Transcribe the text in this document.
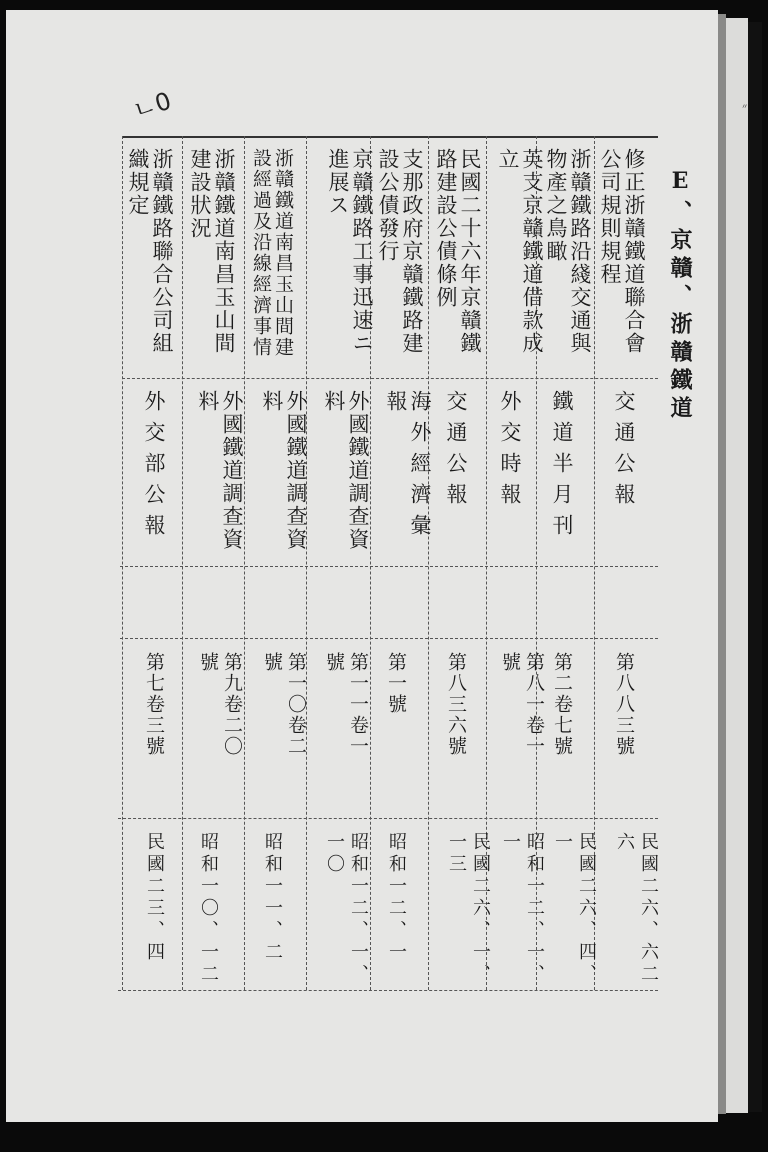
״
ㄴ0
E、京贛、浙贛鐵道
修正浙贛鐵道聯合會公司規則規程
交通公報
第八八三號
民國二六、六二六
浙贛鐵路沿綫交通與物產之鳥瞰
鐵道半月刊
第二卷七號
民國二六、四、一
英支京贛鐵道借款成立
外交時報
第八一卷一號
昭和一二、一、一
民國二十六年京贛鐵路建設公債條例
交通公報
第八三六號
民國二六、一、一三
支那政府京贛鐵路建設公債發行
海外經濟彙報
第一號
昭和一二、一
京贛鐵路工事迅速ニ進展ス
外國鐵道調查資料
第一一卷一號
昭和一二、一、一〇
浙贛鐵道南昌玉山間建設經過及沿線經濟事情
外國鐵道調查資料
第一〇卷二號
昭和一一、二
浙贛鐵道南昌玉山間建設狀況
外國鐵道調查資料
第九卷二〇號
昭和一〇、一二
浙贛鐵路聯合公司組織規定
外交部公報
第七卷三號
民國二三、四
